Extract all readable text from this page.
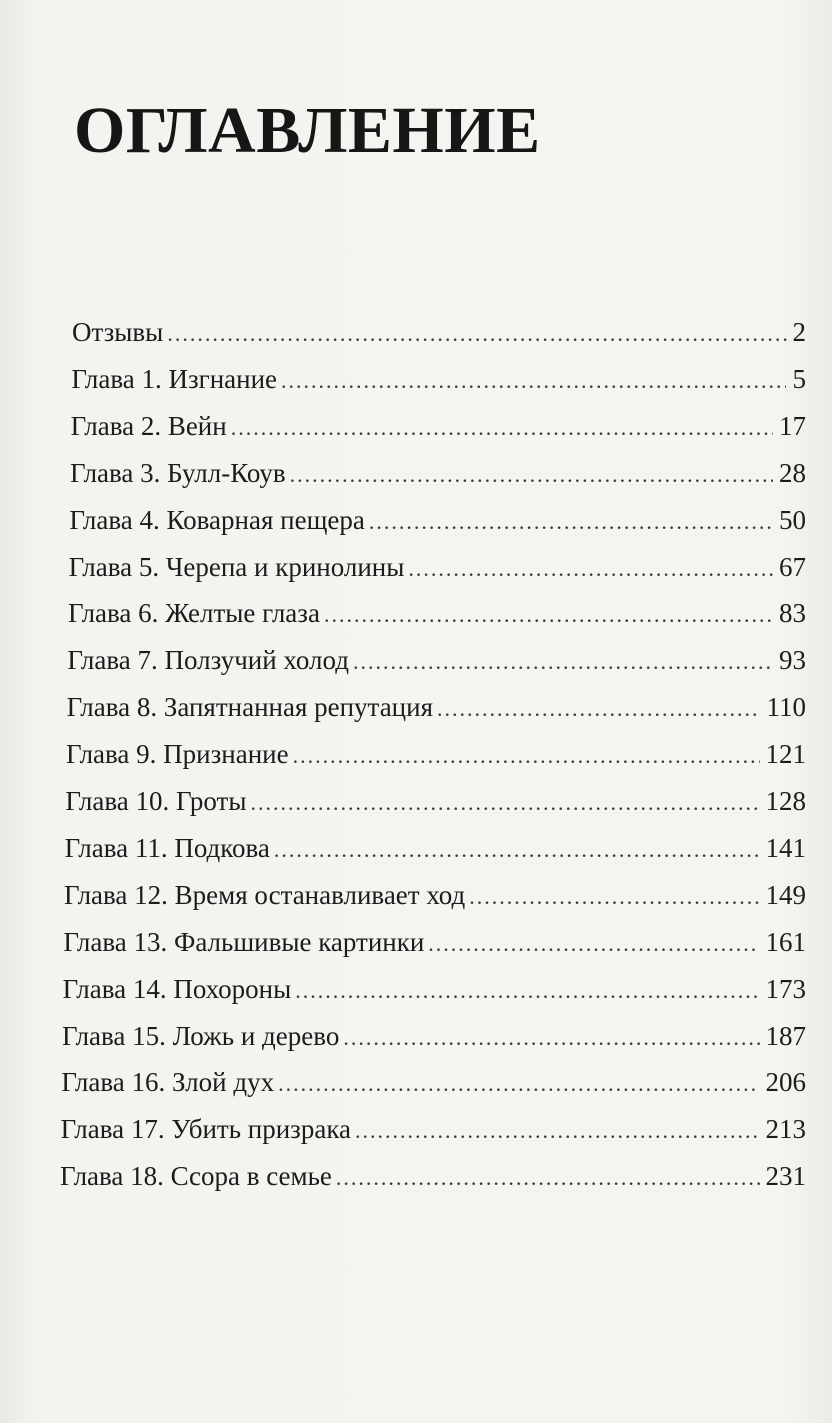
ОГЛАВЛЕНИЕ
Отзывы .....	2
Глава 1. Изгнание .....	5
Глава 2. Вейн .....	17
Глава 3. Булл-Коув .....	28
Глава 4. Коварная пещера .....	50
Глава 5. Черепа и кринолины .....	67
Глава 6. Желтые глаза .....	83
Глава 7. Ползучий холод .....	93
Глава 8. Запятнанная репутация .....	110
Глава 9. Признание .....	121
Глава 10. Гроты .....	128
Глава 11. Подкова .....	141
Глава 12. Время останавливает ход .....	149
Глава 13. Фальшивые картинки .....	161
Глава 14. Похороны .....	173
Глава 15. Ложь и дерево .....	187
Глава 16. Злой дух .....	206
Глава 17. Убить призрака .....	213
Глава 18. Ссора в семье .....	231
